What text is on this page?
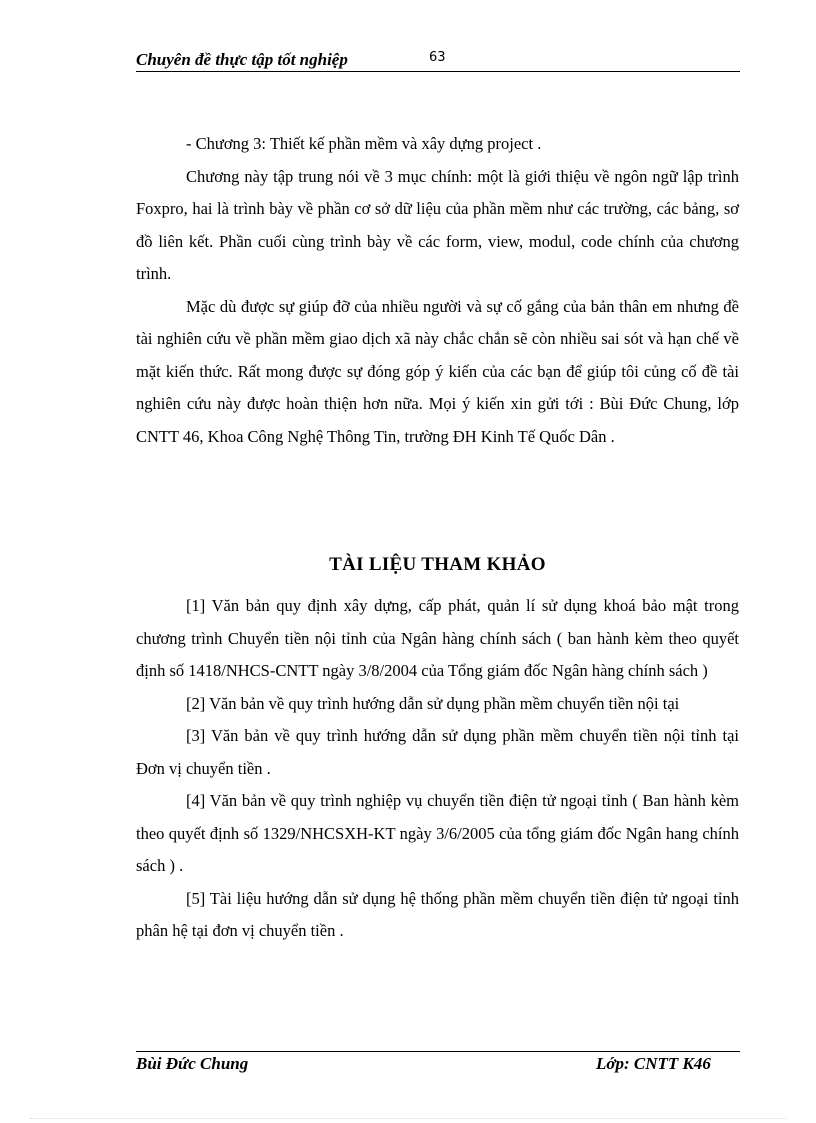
Chuyên đề thực tập tốt nghiệp	63

- Chương 3: Thiết kế phần mềm và xây dựng project .

Chương này tập trung nói về 3 mục chính: một là giới thiệu về ngôn ngữ lập trình Foxpro, hai là trình bày về phần cơ sở dữ liệu của phần mềm như các trường, các bảng, sơ đồ liên kết. Phần cuối cùng trình bày về các form, view, modul, code chính của chương trình.

Mặc dù được sự giúp đỡ của nhiều người và sự cố gắng của bản thân em nhưng đề tài nghiên cứu về phần mềm giao dịch xã này chắc chắn sẽ còn nhiều sai sót và hạn chế về mặt kiến thức. Rất mong được sự đóng góp ý kiến của các bạn để giúp tôi củng cố đề tài nghiên cứu này được hoàn thiện hơn nữa. Mọi ý kiến xin gửi tới : Bùi Đức Chung, lớp CNTT 46, Khoa Công Nghệ Thông Tin, trường ĐH Kinh Tế Quốc Dân .

TÀI LIỆU THAM KHẢO

[1] Văn bản quy định xây dựng, cấp phát, quản lí sử dụng khoá bảo mật trong chương trình Chuyển tiền nội tỉnh của Ngân hàng chính sách ( ban hành kèm theo quyết định số 1418/NHCS-CNTT ngày 3/8/2004 của Tổng giám đốc Ngân hàng chính sách )

[2] Văn bản về quy trình hướng dẫn sử dụng phần mềm chuyển tiền nội tại

[3] Văn bản về quy trình hướng dẫn sử dụng phần mềm chuyển tiền nội tỉnh tại Đơn vị chuyển tiền .

[4] Văn bản về quy trình nghiệp vụ chuyển tiền điện tử ngoại tỉnh ( Ban hành kèm theo quyết định số 1329/NHCSXH-KT ngày 3/6/2005 của tổng giám đốc Ngân hang chính sách ) .

[5] Tài liệu hướng dẫn sử dụng hệ thống phần mềm chuyển tiền điện tử ngoại tỉnh phân hệ tại đơn vị chuyển tiền .

Bùi Đức Chung	Lớp: CNTT K46
